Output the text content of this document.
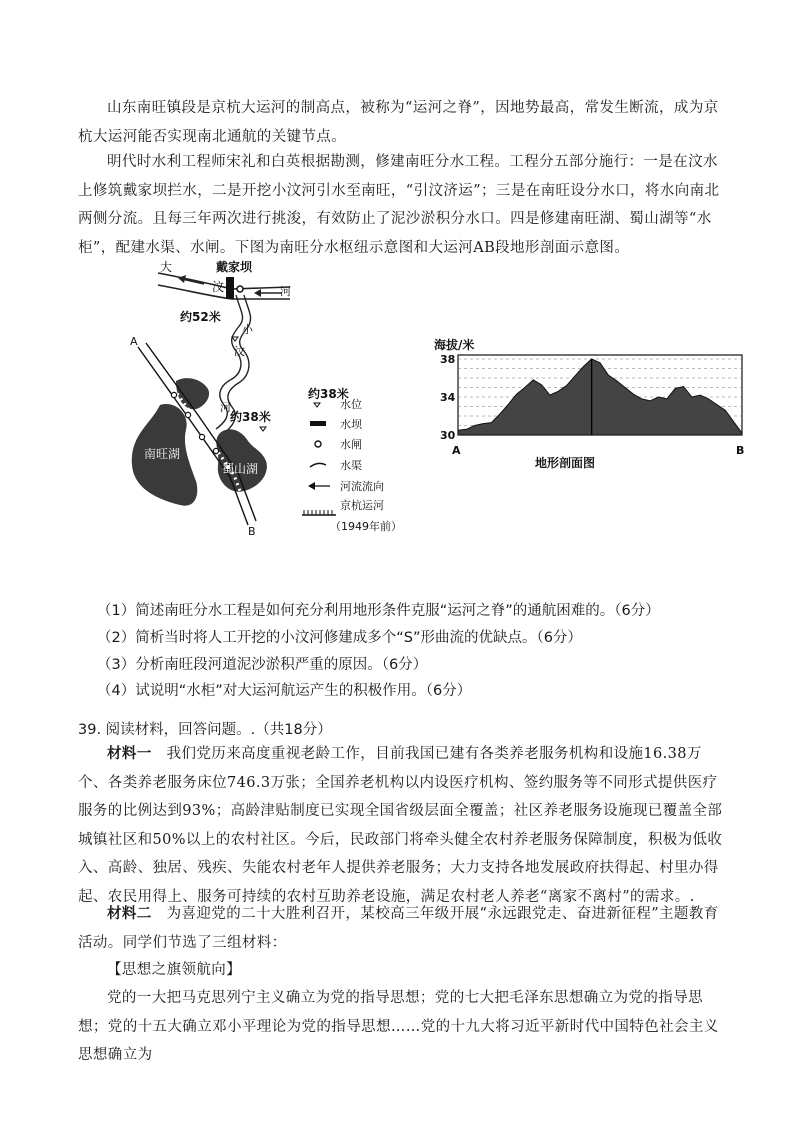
山东南旺镇段是京杭大运河的制高点，被称为“运河之脊”，因地势最高，常发生断流，成为京杭大运河能否实现南北通航的关键节点。
明代时水利工程师宋礼和白英根据勘测，修建南旺分水工程。工程分五部分施行：一是在汶水上修筑戴家坝拦水，二是开挖小汶河引水至南旺，“引汶济运”；三是在南旺设分水口，将水向南北两侧分流。且每三年两次进行挑浚，有效防止了泥沙淤积分水口。四是修建南旺湖、蜀山湖等“水柜”，配建水渠、水闸。下图为南旺分水枢纽示意图和大运河AB段地形剖面示意图。
大
汶	河
戴家坝
约52米
小
汶
河
约38米
南旺湖
蜀山湖
A
B
约38米
水位
水坝
水闸
水渠
河流流向
京杭运河
（1949年前）
海拔/米
38
34
30
A	B
地形剖面图
（1）简述南旺分水工程是如何充分利用地形条件克服“运河之脊”的通航困难的。（6分）
（2）简析当时将人工开挖的小汶河修建成多个“S”形曲流的优缺点。（6分）
（3）分析南旺段河道泥沙淤积严重的原因。（6分）
（4）试说明“水柜”对大运河航运产生的积极作用。（6分）
39. 阅读材料，回答问题。.（共18分）
材料一　我们党历来高度重视老龄工作，目前我国已建有各类养老服务机构和设施16.38万个、各类养老服务床位746.3万张；全国养老机构以内设医疗机构、签约服务等不同形式提供医疗服务的比例达到93%；高龄津贴制度已实现全国省级层面全覆盖；社区养老服务设施现已覆盖全部城镇社区和50%以上的农村社区。今后，民政部门将牵头健全农村养老服务保障制度，积极为低收入、高龄、独居、残疾、失能农村老年人提供养老服务；大力支持各地发展政府扶得起、村里办得起、农民用得上、服务可持续的农村互助养老设施，满足农村老人养老“离家不离村”的需求。.
材料二　为喜迎党的二十大胜利召开，某校高三年级开展“永远跟党走、奋进新征程”主题教育活动。同学们节选了三组材料：
【思想之旗领航向】
党的一大把马克思列宁主义确立为党的指导思想；党的七大把毛泽东思想确立为党的指导思想；党的十五大确立邓小平理论为党的指导思想……党的十九大将习近平新时代中国特色社会主义思想确立为
